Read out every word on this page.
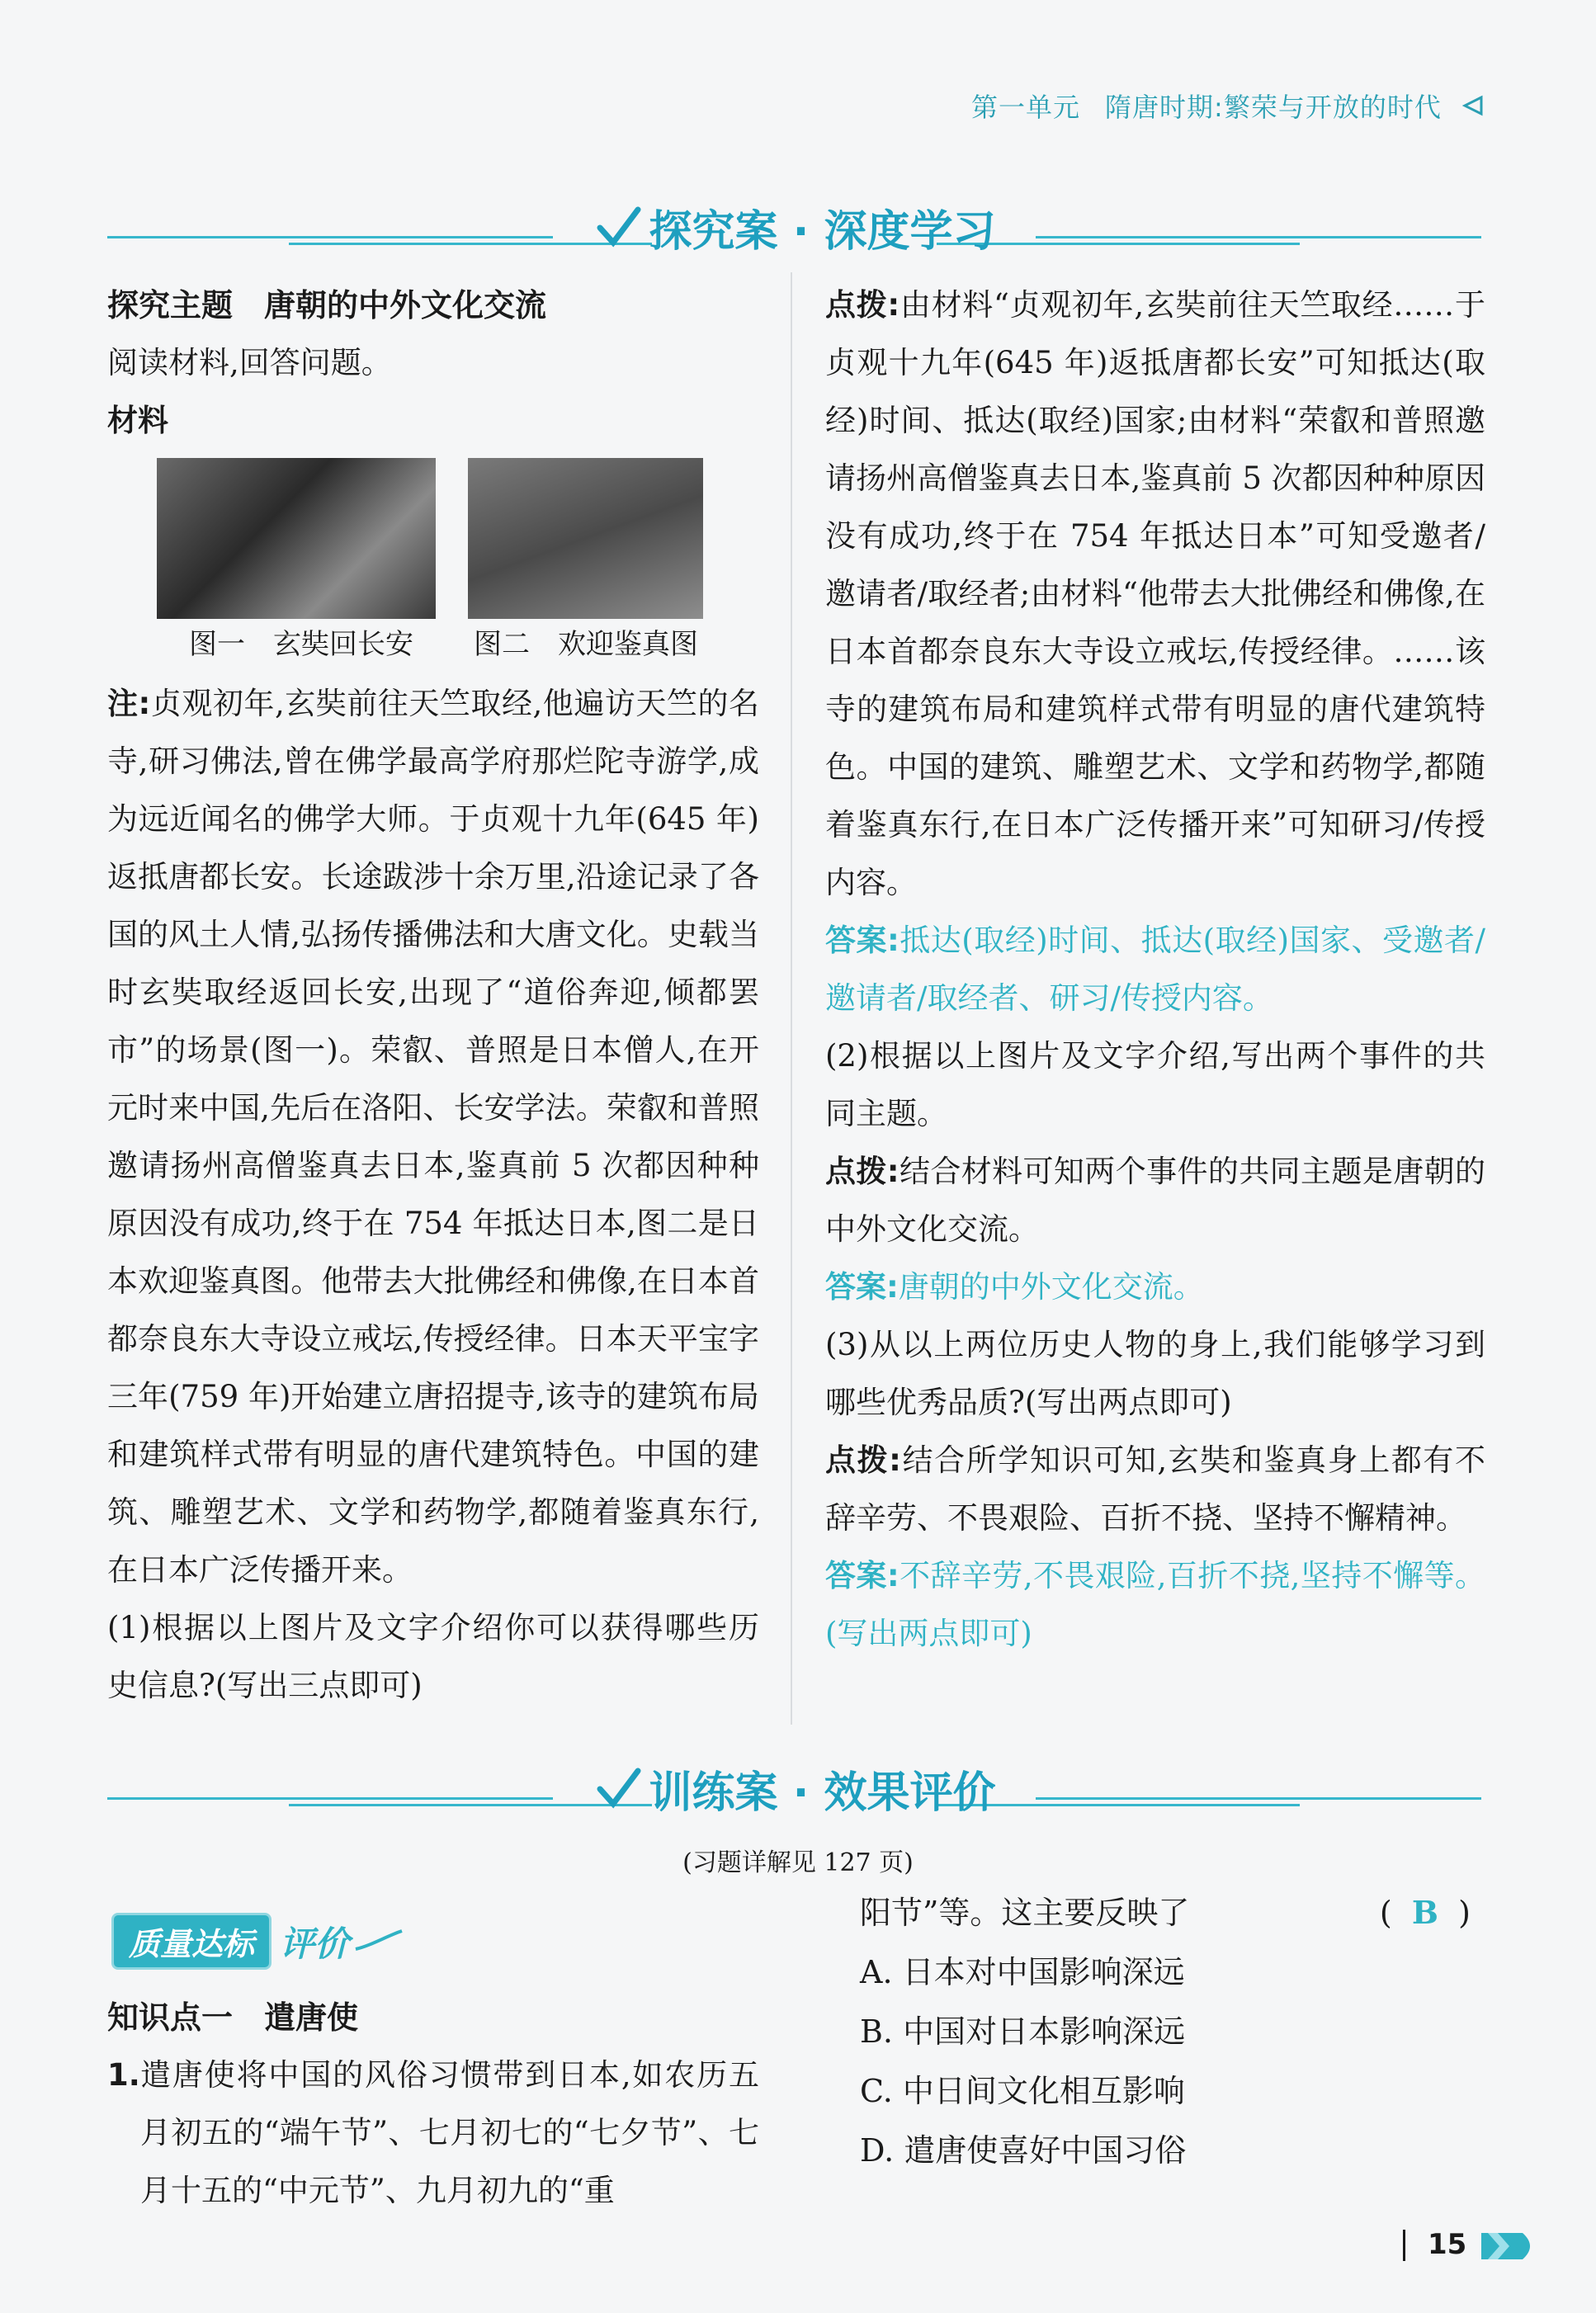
第一单元 隋唐时期:繁荣与开放的时代
探究案 · 深度学习

探究主题　唐朝的中外文化交流

阅读材料,回答问题。

材料

图一　玄奘回长安	图二　欢迎鉴真图

注:贞观初年,玄奘前往天竺取经,他遍访天竺的名寺,研习佛法,曾在佛学最高学府那烂陀寺游学,成为远近闻名的佛学大师。于贞观十九年(645 年)返抵唐都长安。长途跋涉十余万里,沿途记录了各国的风土人情,弘扬传播佛法和大唐文化。史载当时玄奘取经返回长安,出现了“道俗奔迎,倾都罢市”的场景(图一)。荣叡、普照是日本僧人,在开元时来中国,先后在洛阳、长安学法。荣叡和普照邀请扬州高僧鉴真去日本,鉴真前 5 次都因种种原因没有成功,终于在 754 年抵达日本,图二是日本欢迎鉴真图。他带去大批佛经和佛像,在日本首都奈良东大寺设立戒坛,传授经律。日本天平宝字三年(759 年)开始建立唐招提寺,该寺的建筑布局和建筑样式带有明显的唐代建筑特色。中国的建筑、雕塑艺术、文学和药物学,都随着鉴真东行,在日本广泛传播开来。

(1)根据以上图片及文字介绍你可以获得哪些历史信息?(写出三点即可)

点拨:由材料“贞观初年,玄奘前往天竺取经……于贞观十九年(645 年)返抵唐都长安”可知抵达(取经)时间、抵达(取经)国家;由材料“荣叡和普照邀请扬州高僧鉴真去日本,鉴真前 5 次都因种种原因没有成功,终于在 754 年抵达日本”可知受邀者/邀请者/取经者;由材料“他带去大批佛经和佛像,在日本首都奈良东大寺设立戒坛,传授经律。……该寺的建筑布局和建筑样式带有明显的唐代建筑特色。中国的建筑、雕塑艺术、文学和药物学,都随着鉴真东行,在日本广泛传播开来”可知研习/传授内容。

答案:抵达(取经)时间、抵达(取经)国家、受邀者/邀请者/取经者、研习/传授内容。

(2)根据以上图片及文字介绍,写出两个事件的共同主题。

点拨:结合材料可知两个事件的共同主题是唐朝的中外文化交流。

答案:唐朝的中外文化交流。

(3)从以上两位历史人物的身上,我们能够学习到哪些优秀品质?(写出两点即可)

点拨:结合所学知识可知,玄奘和鉴真身上都有不辞辛劳、不畏艰险、百折不挠、坚持不懈精神。

答案:不辞辛劳,不畏艰险,百折不挠,坚持不懈等。(写出两点即可)

训练案 · 效果评价
(习题详解见 127 页)
质量达标 评价

知识点一　遣唐使

1. 遣唐使将中国的风俗习惯带到日本,如农历五月初五的“端午节”、七月初七的“七夕节”、七月十五的“中元节”、九月初九的“重

阳节”等。这主要反映了	(  B  )
A. 日本对中国影响深远
B. 中国对日本影响深远
C. 中日间文化相互影响
D. 遣唐使喜好中国习俗
15
